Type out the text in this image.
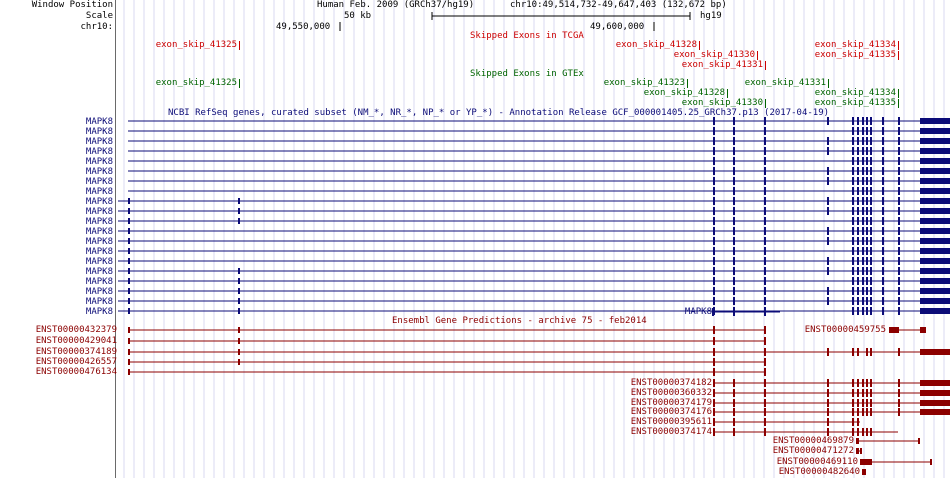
Window Position
Scale
chr10:
Human Feb. 2009 (GRCh37/hg19)	chr10:49,514,732-49,647,403 (132,672 bp)
50 kb	hg19
49,550,000	49,600,000
Skipped Exons in TCGA
Skipped Exons in GTEx
NCBI RefSeq genes, curated subset (NM_*, NR_*, NP_* or YP_*) - Annotation Release GCF_000001405.25_GRCh37.p13 (2017-04-19)
Ensembl Gene Predictions - archive 75 - feb2014
exon_skip_41325	exon_skip_41328
exon_skip_41330
exon_skip_41331
exon_skip_41334
exon_skip_41335
exon_skip_41325	exon_skip_41323	exon_skip_41331
exon_skip_41328	exon_skip_41334
exon_skip_41330	exon_skip_41335
MAPK8
MAPK8
MAPK8
MAPK8
MAPK8
MAPK8
MAPK8
MAPK8
MAPK8
MAPK8
MAPK8
MAPK8
MAPK8
MAPK8
MAPK8
MAPK8
MAPK8
MAPK8
MAPK8
MAPK8	MAPK8
ENST00000432379
ENST00000429041
ENST00000374189
ENST00000426557
ENST00000476134
ENST00000459755
ENST00000374182
ENST00000360332
ENST00000374179
ENST00000374176
ENST00000395611
ENST00000374174
ENST00000469879
ENST00000471272
ENST00000469110
ENST00000482640
